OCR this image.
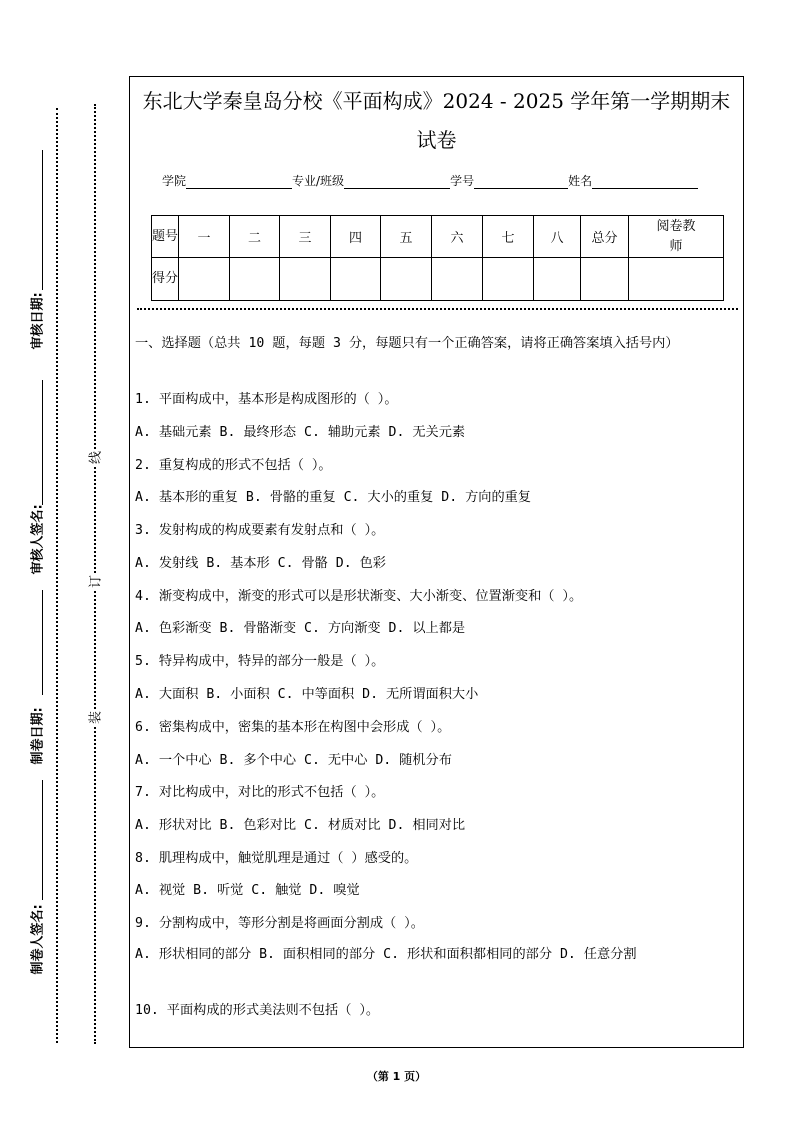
审核日期:
审核人签名:
制卷日期:
制卷人签名:
线
订
装
东北大学秦皇岛分校《平面构成》2024 - 2025 学年第一学期期末
试卷
学院	专业/班级	学号	姓名
题号	一	二	三	四	五	六	七	八	总分	阅卷教师

得分										

一、选择题（总共 10 题，每题 3 分，每题只有一个正确答案，请将正确答案填入括号内）
1. 平面构成中，基本形是构成图形的（ ）。
A. 基础元素 B. 最终形态 C. 辅助元素 D. 无关元素
2. 重复构成的形式不包括（ ）。
A. 基本形的重复 B. 骨骼的重复 C. 大小的重复 D. 方向的重复
3. 发射构成的构成要素有发射点和（ ）。
A. 发射线 B. 基本形 C. 骨骼 D. 色彩
4. 渐变构成中，渐变的形式可以是形状渐变、大小渐变、位置渐变和（ ）。
A. 色彩渐变 B. 骨骼渐变 C. 方向渐变 D. 以上都是
5. 特异构成中，特异的部分一般是（ ）。
A. 大面积 B. 小面积 C. 中等面积 D. 无所谓面积大小
6. 密集构成中，密集的基本形在构图中会形成（ ）。
A. 一个中心 B. 多个中心 C. 无中心 D. 随机分布
7. 对比构成中，对比的形式不包括（ ）。
A. 形状对比 B. 色彩对比 C. 材质对比 D. 相同对比
8. 肌理构成中，触觉肌理是通过（ ）感受的。
A. 视觉 B. 听觉 C. 触觉 D. 嗅觉
9. 分割构成中，等形分割是将画面分割成（ ）。
A. 形状相同的部分 B. 面积相同的部分 C. 形状和面积都相同的部分 D. 任意分割
10. 平面构成的形式美法则不包括（ ）。
（第 1 页）
